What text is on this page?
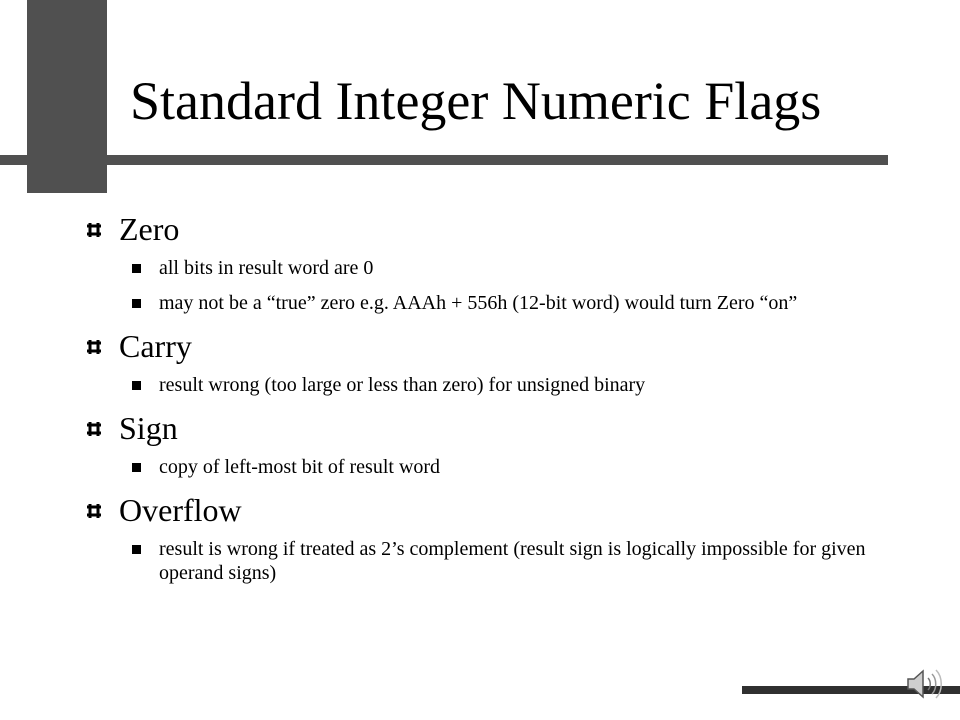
Standard Integer Numeric Flags
Zero
all bits in result word are 0
may not be a “true” zero e.g. AAAh + 556h (12-bit word) would turn Zero “on”
Carry
result wrong (too large or less than zero) for unsigned binary
Sign
copy of left-most bit of result word
Overflow
result is wrong if treated as 2’s complement (result sign is logically impossible for given operand signs)
